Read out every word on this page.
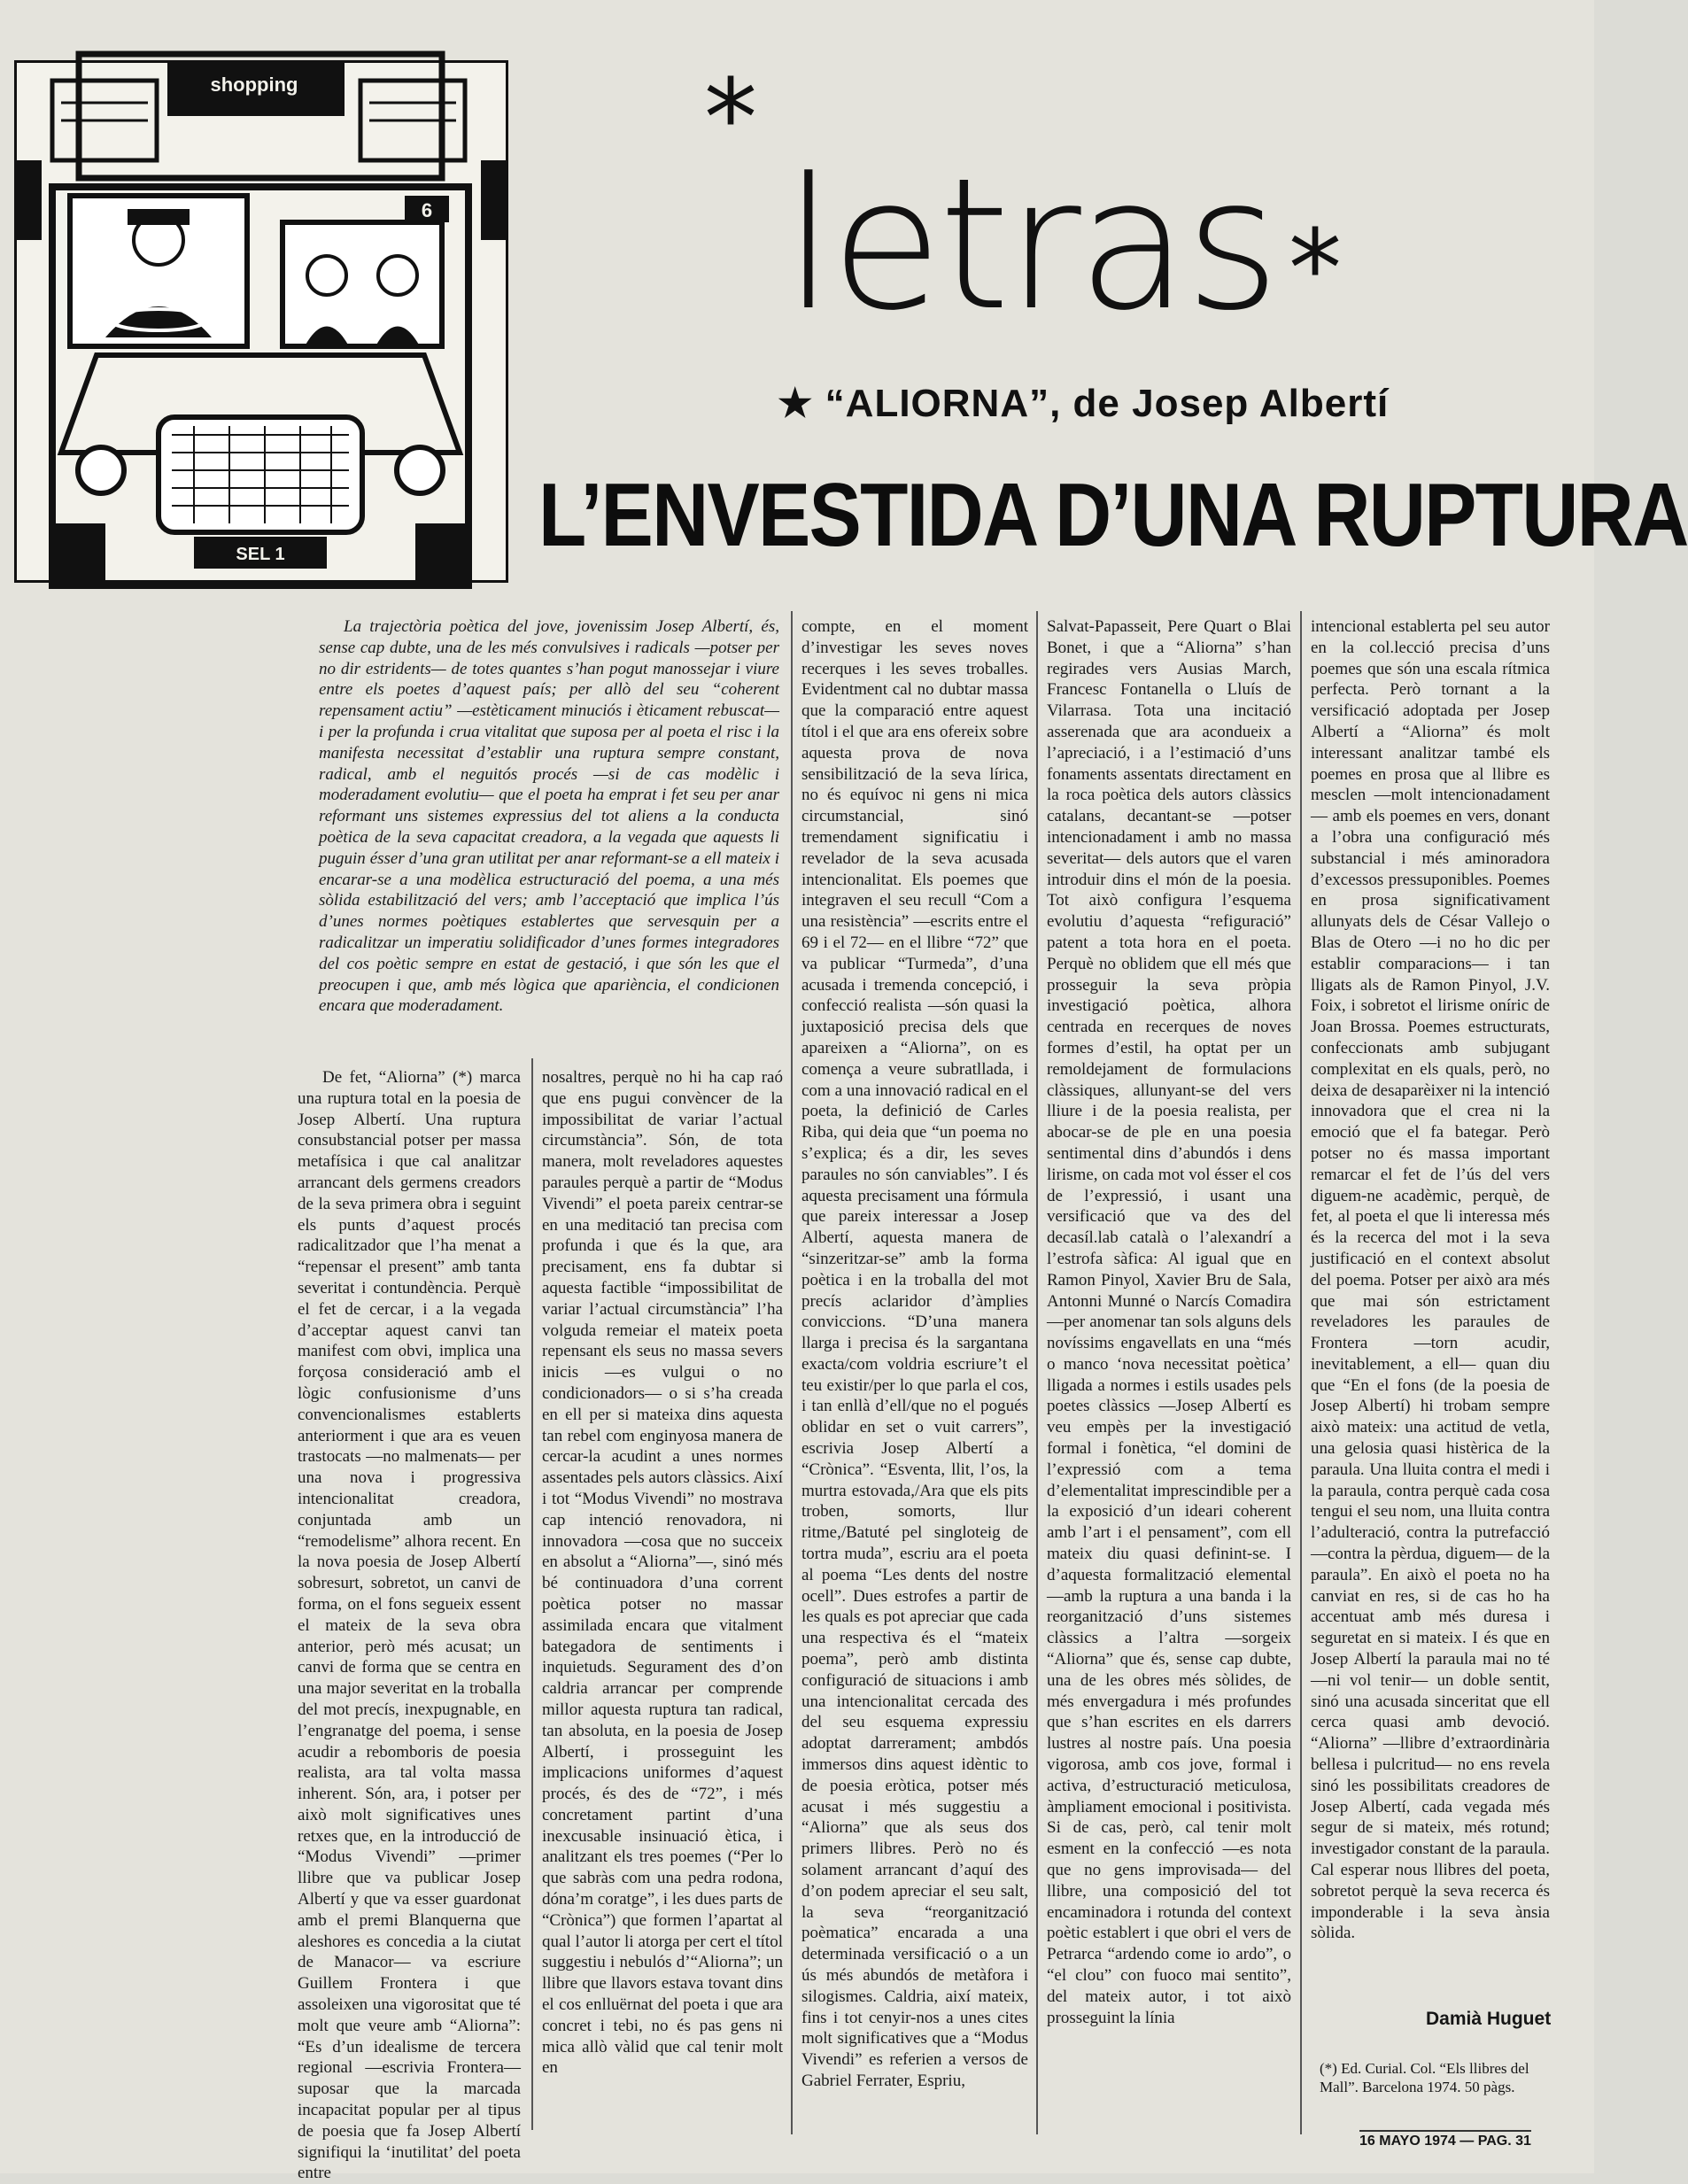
shopping
6
SEL 1
*
letras *
★ “ALIORNA”, de Josep Albertí
L’ENVESTIDA D’UNA RUPTURA

La trajectòria poètica del jove, jovenissim Josep Albertí, és, sense cap dubte, una de les més convulsives i radicals —potser per no dir estridents— de totes quantes s’han pogut manossejar i viure entre els poetes d’aquest país; per allò del seu “coherent repensament actiu” —estèticament minuciós i èticament rebuscat— i per la profunda i crua vitalitat que suposa per al poeta el risc i la manifesta necessitat d’establir una ruptura sempre constant, radical, amb el neguitós procés —si de cas modèlic i moderadament evolutiu— que el poeta ha emprat i fet seu per anar reformant uns sistemes expressius del tot aliens a la conducta poètica de la seva capacitat creadora, a la vegada que aquests li puguin ésser d’una gran utilitat per anar reformant-se a ell mateix i encarar-se a una modèlica estructuració del poema, a una més sòlida estabilització del vers; amb l’acceptació que implica l’ús d’unes normes poètiques establertes que servesquin per a radicalitzar un imperatiu solidificador d’unes formes integradores del cos poètic sempre en estat de gestació, i que són les que el preocupen i que, amb més lògica que apariència, el condicionen encara que moderadament.

De fet, “Aliorna” (*) marca una ruptura total en la poesia de Josep Albertí. Una ruptura consubstancial potser per massa metafísica i que cal analitzar arrancant dels germens creadors de la seva primera obra i seguint els punts d’aquest procés radicalitzador que l’ha menat a “repensar el present” amb tanta severitat i contundència. Perquè el fet de cercar, i a la vegada d’acceptar aquest canvi tan manifest com obvi, implica una forçosa consideració amb el lògic confusionisme d’uns convencionalismes establerts anteriorment i que ara es veuen trastocats —no malmenats— per una nova i progressiva intencionalitat creadora, conjuntada amb un “remodelisme” alhora recent. En la nova poesia de Josep Albertí sobresurt, sobretot, un canvi de forma, on el fons segueix essent el mateix de la seva obra anterior, però més acusat; un canvi de forma que se centra en una major severitat en la troballa del mot precís, inexpugnable, en l’engranatge del poema, i sense acudir a rebomboris de poesia realista, ara tal volta massa inherent. Són, ara, i potser per això molt significatives unes retxes que, en la introducció de “Modus Vivendi” —primer llibre que va publicar Josep Albertí y que va esser guardonat amb el premi Blanquerna que aleshores es concedia a la ciutat de Manacor— va escriure Guillem Frontera i que assoleixen una vigorositat que té molt que veure amb “Aliorna”: “Es d’un idealisme de tercera regional —escrivia Frontera— suposar que la marcada incapacitat popular per al tipus de poesia que fa Josep Albertí signifiqui la ‘inutilitat’ del poeta entre

nosaltres, perquè no hi ha cap raó que ens pugui convèncer de la impossibilitat de variar l’actual circumstància”. Són, de tota manera, molt reveladores aquestes paraules perquè a partir de “Modus Vivendi” el poeta pareix centrar-se en una meditació tan precisa com profunda i que és la que, ara precisament, ens fa dubtar si aquesta factible “impossibilitat de variar l’actual circumstància” l’ha volguda remeiar el mateix poeta repensant els seus no massa severs inicis —es vulgui o no condicionadors— o si s’ha creada en ell per si mateixa dins aquesta tan rebel com enginyosa manera de cercar-la acudint a unes normes assentades pels autors clàssics. Així i tot “Modus Vivendi” no mostrava cap intenció renovadora, ni innovadora —cosa que no succeix en absolut a “Aliorna”—, sinó més bé continuadora d’una corrent poètica potser no massar assimilada encara que vitalment bategadora de sentiments i inquietuds. Segurament des d’on caldria arrancar per comprende millor aquesta ruptura tan radical, tan absoluta, en la poesia de Josep Albertí, i prosseguint les implicacions uniformes d’aquest procés, és des de “72”, i més concretament partint d’una inexcusable insinuació ètica, i analitzant els tres poemes (“Per lo que sabràs com una pedra rodona, dóna’m coratge”, i les dues parts de “Crònica”) que formen l’apartat al qual l’autor li atorga per cert el títol suggestiu i nebulós d’“Aliorna”; un llibre que llavors estava tovant dins el cos enlluërnat del poeta i que ara concret i tebi, no és pas gens ni mica allò vàlid que cal tenir molt en

compte, en el moment d’investigar les seves noves recerques i les seves troballes. Evidentment cal no dubtar massa que la comparació entre aquest títol i el que ara ens ofereix sobre aquesta prova de nova sensibilització de la seva lírica, no és equívoc ni gens ni mica circumstancial, sinó tremendament significatiu i revelador de la seva acusada intencionalitat. Els poemes que integraven el seu recull “Com a una resistència” —escrits entre el 69 i el 72— en el llibre “72” que va publicar “Turmeda”, d’una acusada i tremenda concepció, i confecció realista —són quasi la juxtaposició precisa dels que apareixen a “Aliorna”, on es comença a veure subratllada, i com a una innovació radical en el poeta, la definició de Carles Riba, qui deia que “un poema no s’explica; és a dir, les seves paraules no són canviables”. I és aquesta precisament una fórmula que pareix interessar a Josep Albertí, aquesta manera de “sinzeritzar-se” amb la forma poètica i en la troballa del mot precís aclaridor d’àmplies conviccions. “D’una manera llarga i precisa és la sargantana exacta/com voldria escriure’t el teu existir/per lo que parla el cos, i tan enllà d’ell/que no el pogués oblidar en set o vuit carrers”, escrivia Josep Albertí a “Crònica”. “Esventa, llit, l’os, la murtra estovada,/Ara que els pits troben, somorts, llur ritme,/Batuté pel singloteig de tortra muda”, escriu ara el poeta al poema “Les dents del nostre ocell”. Dues estrofes a partir de les quals es pot apreciar que cada una respectiva és el “mateix poema”, però amb distinta configuració de situacions i amb una intencionalitat cercada des del seu esquema expressiu adoptat darrerament; ambdós immersos dins aquest idèntic to de poesia eròtica, potser més acusat i més suggestiu a “Aliorna” que als seus dos primers llibres. Però no és solament arrancant d’aquí des d’on podem apreciar el seu salt, la seva “reorganització poèmatica” encarada a una determinada versificació o a un ús més abundós de metàfora i silogismes. Caldria, així mateix, fins i tot cenyir-nos a unes cites molt significatives que a “Modus Vivendi” es referien a versos de Gabriel Ferrater, Espriu,

Salvat-Papasseit, Pere Quart o Blai Bonet, i que a “Aliorna” s’han regirades vers Ausias March, Francesc Fontanella o Lluís de Vilarrasa. Tota una incitació asserenada que ara acondueix a l’apreciació, i a l’estimació d’uns fonaments assentats directament en la roca poètica dels autors clàssics catalans, decantant-se —potser intencionadament i amb no massa severitat— dels autors que el varen introduir dins el món de la poesia. Tot això configura l’esquema evolutiu d’aquesta “refiguració” patent a tota hora en el poeta. Perquè no oblidem que ell més que prosseguir la seva pròpia investigació poètica, alhora centrada en recerques de noves formes d’estil, ha optat per un remoldejament de formulacions clàssiques, allunyant-se del vers lliure i de la poesia realista, per abocar-se de ple en una poesia sentimental dins d’abundós i dens lirisme, on cada mot vol ésser el cos de l’expressió, i usant una versificació que va des del decasíl.lab català o l’alexandrí a l’estrofa sàfica: Al igual que en Ramon Pinyol, Xavier Bru de Sala, Antonni Munné o Narcís Comadira —per anomenar tan sols alguns dels novíssims engavellats en una “més o manco ‘nova necessitat poètica’ lligada a normes i estils usades pels poetes clàssics —Josep Albertí es veu empès per la investigació formal i fonètica, “el domini de l’expressió com a tema d’elementalitat imprescindible per a la exposició d’un ideari coherent amb l’art i el pensament”, com ell mateix diu quasi definint-se. I d’aquesta formalització elemental —amb la ruptura a una banda i la reorganització d’uns sistemes clàssics a l’altra —sorgeix “Aliorna” que és, sense cap dubte, una de les obres més sòlides, de més envergadura i més profundes que s’han escrites en els darrers lustres al nostre país. Una poesia vigorosa, amb cos jove, formal i activa, d’estructuració meticulosa, àmpliament emocional i positivista. Si de cas, però, cal tenir molt esment en la confecció —es nota que no gens improvisada— del llibre, una composició del tot encaminadora i rotunda del context poètic establert i que obri el vers de Petrarca “ardendo come io ardo”, o “el clou” con fuoco mai sentito”, del mateix autor, i tot això prosseguint la línia

intencional establerta pel seu autor en la col.lecció precisa d’uns poemes que són una escala rítmica perfecta. Però tornant a la versificació adoptada per Josep Albertí a “Aliorna” és molt interessant analitzar també els poemes en prosa que al llibre es mesclen —molt intencionadament— amb els poemes en vers, donant a l’obra una configuració més substancial i més aminoradora d’excessos pressuponibles. Poemes en prosa significativament allunyats dels de César Vallejo o Blas de Otero —i no ho dic per establir comparacions— i tan lligats als de Ramon Pinyol, J.V. Foix, i sobretot el lirisme oníric de Joan Brossa. Poemes estructurats, confeccionats amb subjugant complexitat en els quals, però, no deixa de desaparèixer ni la intenció innovadora que el crea ni la emoció que el fa bategar. Però potser no és massa important remarcar el fet de l’ús del vers diguem-ne acadèmic, perquè, de fet, al poeta el que li interessa més és la recerca del mot i la seva justificació en el context absolut del poema. Potser per això ara més que mai són estrictament reveladores les paraules de Frontera —torn acudir, inevitablement, a ell— quan diu que “En el fons (de la poesia de Josep Albertí) hi trobam sempre això mateix: una actitud de vetla, una gelosia quasi histèrica de la paraula. Una lluita contra el medi i la paraula, contra perquè cada cosa tengui el seu nom, una lluita contra l’adulteració, contra la putrefacció —contra la pèrdua, diguem— de la paraula”. En això el poeta no ha canviat en res, si de cas ho ha accentuat amb més duresa i seguretat en si mateix. I és que en Josep Albertí la paraula mai no té —ni vol tenir— un doble sentit, sinó una acusada sinceritat que ell cerca quasi amb devoció. “Aliorna” —llibre d’extraordinària bellesa i pulcritud— no ens revela sinó les possibilitats creadores de Josep Albertí, cada vegada més segur de si mateix, més rotund; investigador constant de la paraula. Cal esperar nous llibres del poeta, sobretot perquè la seva recerca és imponderable i la seva ànsia sòlida.

Damià Huguet
(*) Ed. Curial. Col. “Els llibres del Mall”. Barcelona 1974. 50 pàgs.
16 MAYO 1974 — PAG. 31
